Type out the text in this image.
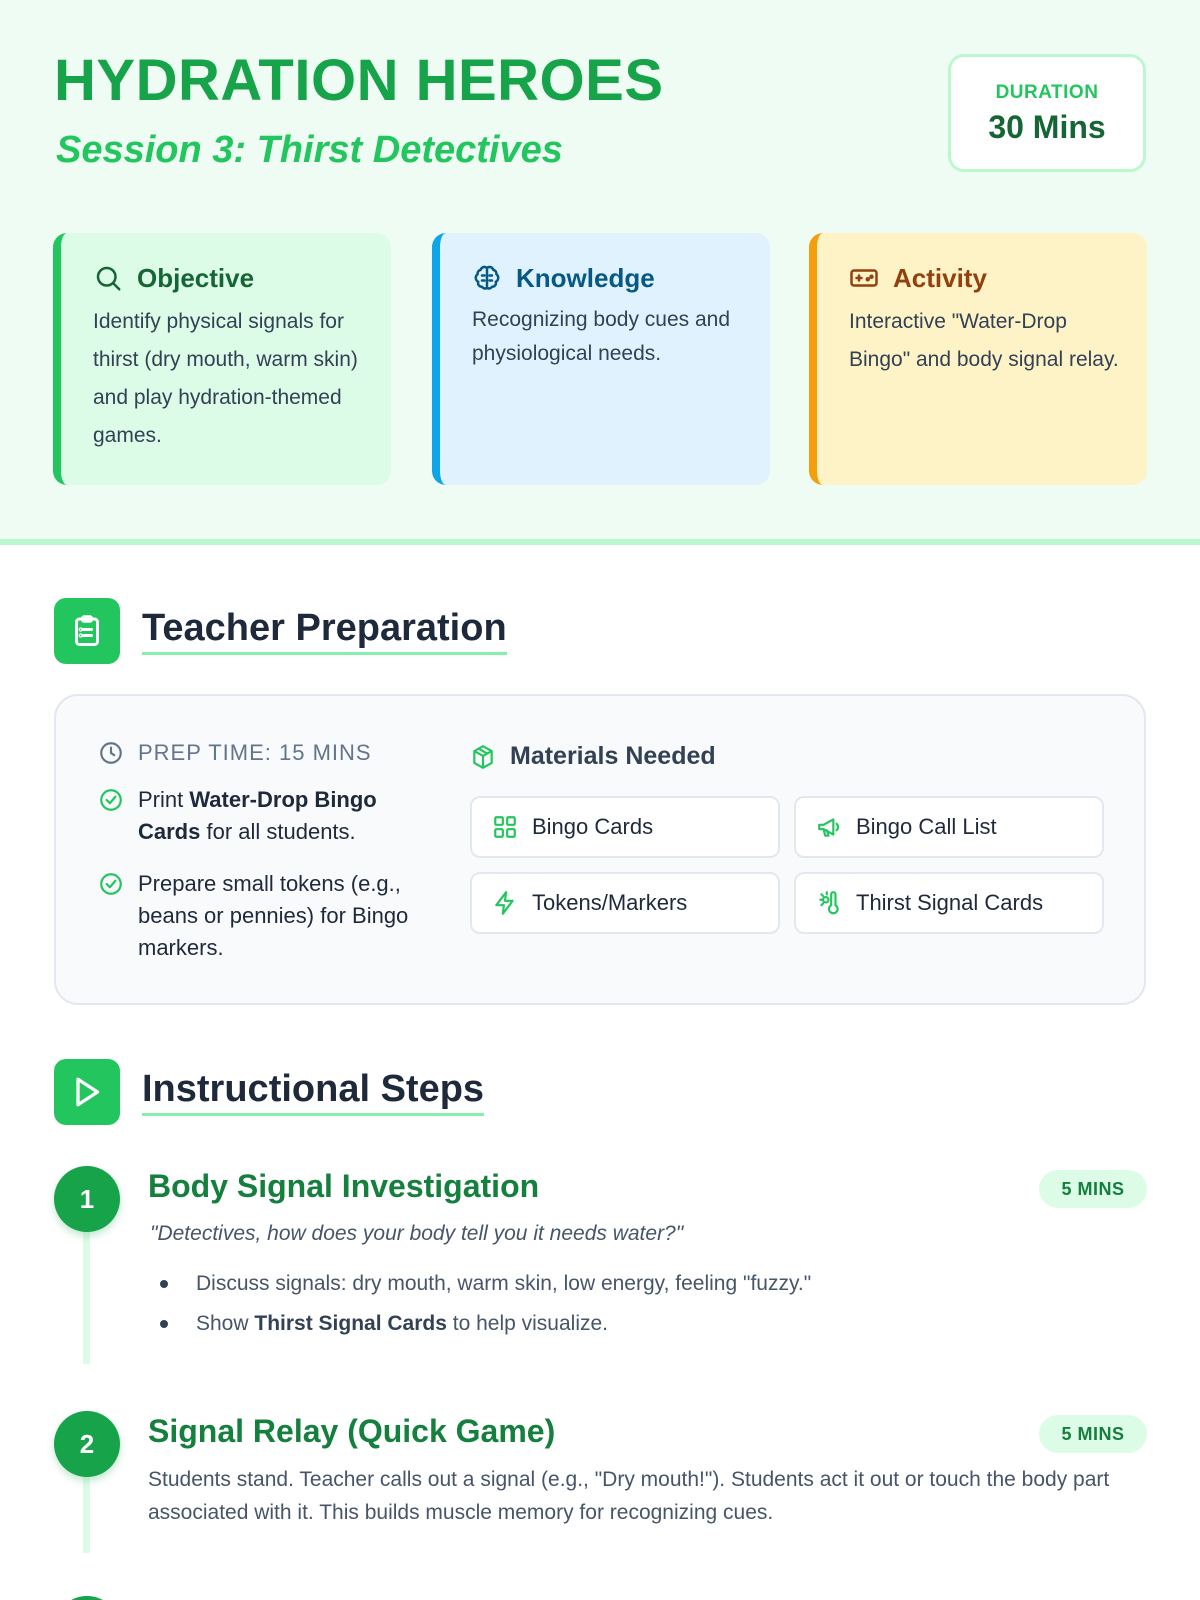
HYDRATION HEROES
Session 3: Thirst Detectives
DURATION
30 Mins
Objective

Identify physical signals for thirst (dry mouth, warm skin) and play hydration-themed games.

Knowledge

Recognizing body cues and physiological needs.

Activity

Interactive "Water-Drop Bingo" and body signal relay.

Teacher Preparation
PREP TIME: 15 MINS
Print Water-Drop Bingo Cards for all students.
Prepare small tokens (e.g., beans or pennies) for Bingo markers.
Materials Needed
Bingo Cards	Bingo Call List
Tokens/Markers	Thirst Signal Cards
Instructional Steps
1	Body Signal Investigation	5 MINS
"Detectives, how does your body tell you it needs water?"
Discuss signals: dry mouth, warm skin, low energy, feeling "fuzzy."
Show Thirst Signal Cards to help visualize.
2	Signal Relay (Quick Game)	5 MINS
Students stand. Teacher calls out a signal (e.g., "Dry mouth!"). Students act it out or touch the body part associated with it. This builds muscle memory for recognizing cues.
